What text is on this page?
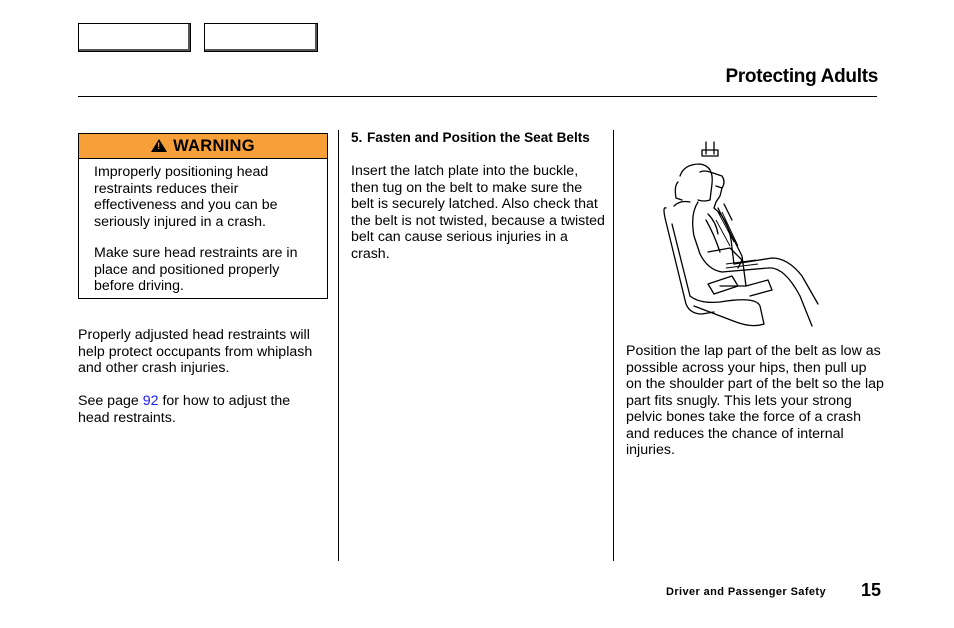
Protecting Adults
!
WARNING
Improperly positioning head restraints reduces their effectiveness and you can be seriously injured in a crash.
Make sure head restraints are in place and positioned properly before driving.
Properly adjusted head restraints will help protect occupants from whiplash and other crash injuries.
See page 92 for how to adjust the head restraints.
5. Fasten and Position the Seat Belts
Insert the latch plate into the buckle, then tug on the belt to make sure the belt is securely latched. Also check that the belt is not twisted, because a twisted belt can cause serious injuries in a crash.
Position the lap part of the belt as low as possible across your hips, then pull up on the shoulder part of the belt so the lap part fits snugly. This lets your strong pelvic bones take the force of a crash and reduces the chance of internal injuries.
Driver and Passenger Safety 15
